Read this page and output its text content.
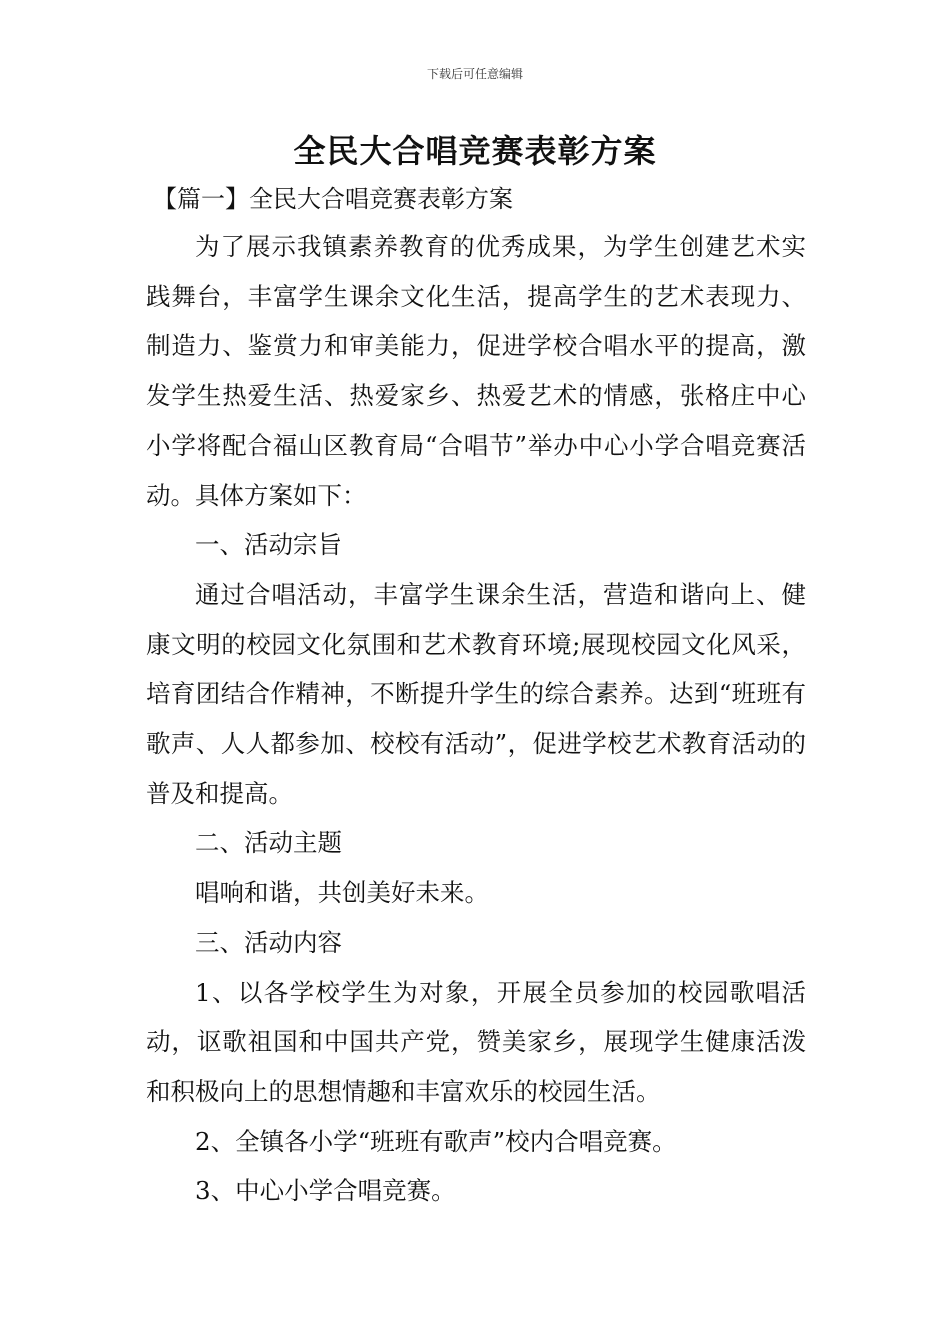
下载后可任意编辑
全民大合唱竞赛表彰方案
【篇一】全民大合唱竞赛表彰方案

为了展示我镇素养教育的优秀成果，为学生创建艺术实践舞台，丰富学生课余文化生活，提高学生的艺术表现力、制造力、鉴赏力和审美能力，促进学校合唱水平的提高，激发学生热爱生活、热爱家乡、热爱艺术的情感，张格庄中心小学将配合福山区教育局“合唱节”举办中心小学合唱竞赛活动。具体方案如下：

一、活动宗旨

通过合唱活动，丰富学生课余生活，营造和谐向上、健康文明的校园文化氛围和艺术教育环境;展现校园文化风采，培育团结合作精神，不断提升学生的综合素养。达到“班班有歌声、人人都参加、校校有活动”，促进学校艺术教育活动的普及和提高。

二、活动主题

唱响和谐，共创美好未来。

三、活动内容

1、以各学校学生为对象，开展全员参加的校园歌唱活动，讴歌祖国和中国共产党，赞美家乡，展现学生健康活泼和积极向上的思想情趣和丰富欢乐的校园生活。

2、全镇各小学“班班有歌声”校内合唱竞赛。

3、中心小学合唱竞赛。
